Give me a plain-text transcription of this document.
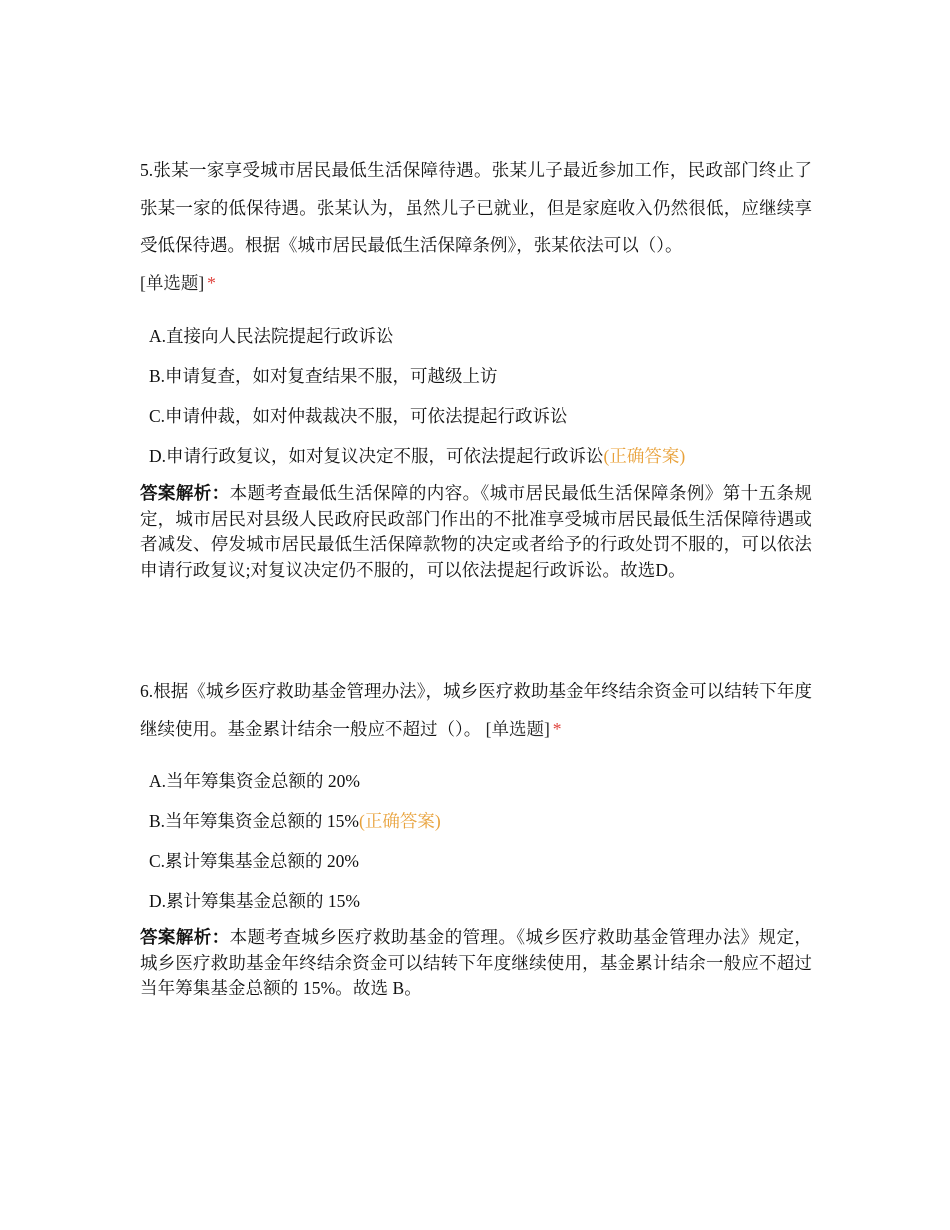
5.张某一家享受城市居民最低生活保障待遇。张某儿子最近参加工作，民政部门终止了张某一家的低保待遇。张某认为，虽然儿子已就业，但是家庭收入仍然很低，应继续享受低保待遇。根据《城市居民最低生活保障条例》，张某依法可以（）。
[单选题] *

A.直接向人民法院提起行政诉讼
B.申请复查，如对复查结果不服，可越级上访
C.申请仲裁，如对仲裁裁决不服，可依法提起行政诉讼
D.申请行政复议，如对复议决定不服，可依法提起行政诉讼(正确答案)

答案解析：本题考查最低生活保障的内容。《城市居民最低生活保障条例》第十五条规定，城市居民对县级人民政府民政部门作出的不批准享受城市居民最低生活保障待遇或者减发、停发城市居民最低生活保障款物的决定或者给予的行政处罚不服的，可以依法申请行政复议;对复议决定仍不服的，可以依法提起行政诉讼。故选D。

6.根据《城乡医疗救助基金管理办法》，城乡医疗救助基金年终结余资金可以结转下年度继续使用。基金累计结余一般应不超过（）。 [单选题] *

A.当年筹集资金总额的 20%
B.当年筹集资金总额的 15%(正确答案)
C.累计筹集基金总额的 20%
D.累计筹集基金总额的 15%

答案解析：本题考查城乡医疗救助基金的管理。《城乡医疗救助基金管理办法》规定，城乡医疗救助基金年终结余资金可以结转下年度继续使用，基金累计结余一般应不超过当年筹集基金总额的 15%。故选 B。
